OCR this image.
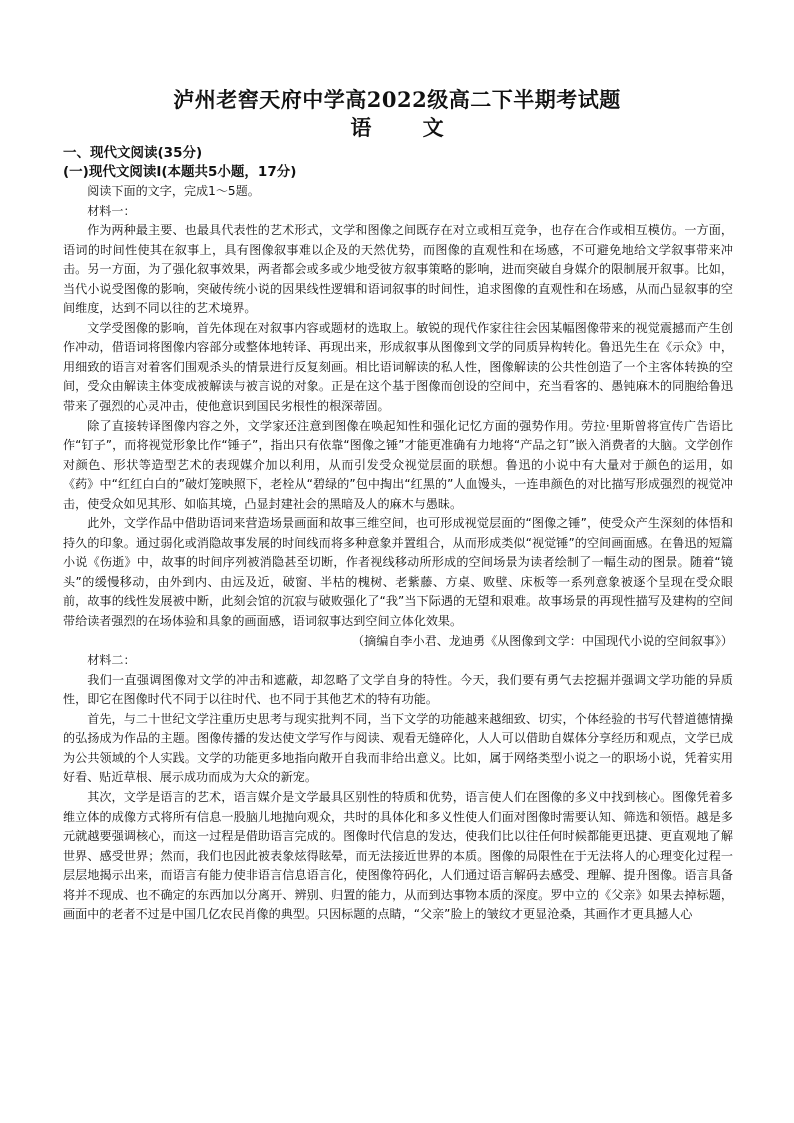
泸州老窖天府中学高2022级高二下半期考试题
语 文
一、现代文阅读(35分)
(一)现代文阅读Ⅰ(本题共5小题，17分)

阅读下面的文字，完成1～5题。

材料一：

作为两种最主要、也最具代表性的艺术形式，文学和图像之间既存在对立或相互竞争，也存在合作或相互模仿。一方面，语词的时间性使其在叙事上，具有图像叙事难以企及的天然优势，而图像的直观性和在场感，不可避免地给文学叙事带来冲击。另一方面，为了强化叙事效果，两者都会或多或少地受彼方叙事策略的影响，进而突破自身媒介的限制展开叙事。比如，当代小说受图像的影响，突破传统小说的因果线性逻辑和语词叙事的时间性，追求图像的直观性和在场感，从而凸显叙事的空间维度，达到不同以往的艺术境界。

文学受图像的影响，首先体现在对叙事内容或题材的选取上。敏锐的现代作家往往会因某幅图像带来的视觉震撼而产生创作冲动，借语词将图像内容部分或整体地转译、再现出来，形成叙事从图像到文学的同质异构转化。鲁迅先生在《示众》中，用细致的语言对着客们围观杀头的情景进行反复刻画。相比语词解读的私人性，图像解读的公共性创造了一个主客体转换的空间，受众由解读主体变成被解读与被言说的对象。正是在这个基于图像而创设的空间中，充当看客的、愚钝麻木的同胞给鲁迅带来了强烈的心灵冲击，使他意识到国民劣根性的根深蒂固。

除了直接转译图像内容之外，文学家还注意到图像在唤起知性和强化记忆方面的强势作用。劳拉·里斯曾将宣传广告语比作“钉子”，而将视觉形象比作“锤子”，指出只有依靠“图像之锤”才能更准确有力地将“产品之钉”嵌入消费者的大脑。文学创作对颜色、形状等造型艺术的表现媒介加以利用，从而引发受众视觉层面的联想。鲁迅的小说中有大量对于颜色的运用，如《药》中“红红白白的”破灯笼映照下，老栓从“碧绿的”包中掏出“红黑的”人血馒头，一连串颜色的对比描写形成强烈的视觉冲击，使受众如见其形、如临其境，凸显封建社会的黑暗及人的麻木与愚昧。

此外，文学作品中借助语词来营造场景画面和故事三维空间，也可形成视觉层面的“图像之锤”，使受众产生深刻的体悟和持久的印象。通过弱化或消隐故事发展的时间线而将多种意象并置组合，从而形成类似“视觉锤”的空间画面感。在鲁迅的短篇小说《伤逝》中，故事的时间序列被消隐甚至切断，作者视线移动所形成的空间场景为读者绘制了一幅生动的图景。随着“镜头”的缓慢移动，由外到内、由远及近，破窗、半枯的槐树、老紫藤、方桌、败壁、床板等一系列意象被逐个呈现在受众眼前，故事的线性发展被中断，此刻会馆的沉寂与破败强化了“我”当下际遇的无望和艰难。故事场景的再现性描写及建构的空间带给读者强烈的在场体验和具象的画面感，语词叙事达到空间立体化效果。

（摘编自李小君、龙迪勇《从图像到文学：中国现代小说的空间叙事》）

材料二：

我们一直强调图像对文学的冲击和遮蔽，却忽略了文学自身的特性。今天，我们要有勇气去挖掘并强调文学功能的异质性，即它在图像时代不同于以往时代、也不同于其他艺术的特有功能。

首先，与二十世纪文学注重历史思考与现实批判不同，当下文学的功能越来越细致、切实，个体经验的书写代替道德情操的弘扬成为作品的主题。图像传播的发达使文学写作与阅读、观看无缝碎化，人人可以借助自媒体分享经历和观点，文学已成为公共领域的个人实践。文学的功能更多地指向敞开自我而非给出意义。比如，属于网络类型小说之一的职场小说，凭着实用好看、贴近草根、展示成功而成为大众的新宠。

其次，文学是语言的艺术，语言媒介是文学最具区别性的特质和优势，语言使人们在图像的多义中找到核心。图像凭着多维立体的成像方式将所有信息一股脑儿地抛向观众，共时的具体化和多义性使人们面对图像时需要认知、筛选和领悟。越是多元就越要强调核心，而这一过程是借助语言完成的。图像时代信息的发达，使我们比以往任何时候都能更迅捷、更直观地了解世界、感受世界；然而，我们也因此被表象炫得眩晕，而无法接近世界的本质。图像的局限性在于无法将人的心理变化过程一层层地揭示出来，而语言有能力使非语言信息语言化，使图像符码化，人们通过语言解码去感受、理解、提升图像。语言具备将并不现成、也不确定的东西加以分离开、辨别、归置的能力，从而到达事物本质的深度。罗中立的《父亲》如果去掉标题，画面中的老者不过是中国几亿农民肖像的典型。只因标题的点睛，“父亲”脸上的皱纹才更显沧桑，其画作才更具撼人心
